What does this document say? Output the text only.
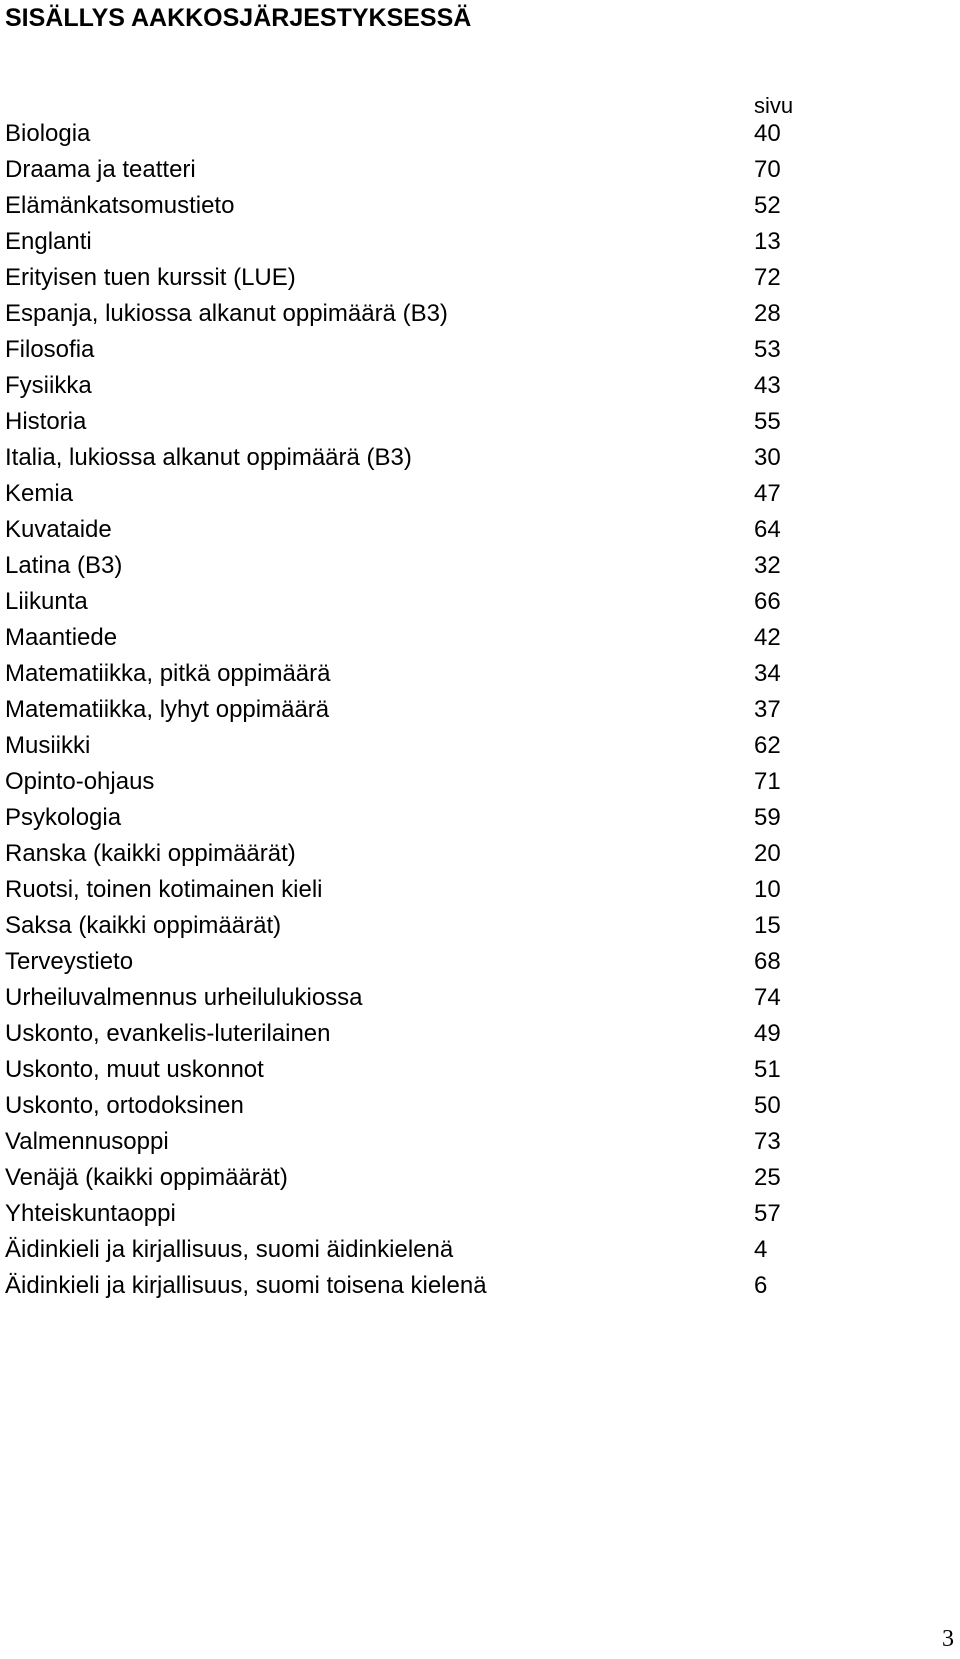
SISÄLLYS AAKKOSJÄRJESTYKSESSÄ
sivu
Biologia	40
Draama ja teatteri	70
Elämänkatsomustieto	52
Englanti	13
Erityisen tuen kurssit (LUE)	72
Espanja, lukiossa alkanut oppimäärä (B3)	28
Filosofia	53
Fysiikka	43
Historia	55
Italia, lukiossa alkanut oppimäärä (B3)	30
Kemia	47
Kuvataide	64
Latina (B3)	32
Liikunta	66
Maantiede	42
Matematiikka, pitkä oppimäärä	34
Matematiikka, lyhyt oppimäärä	37
Musiikki	62
Opinto-ohjaus	71
Psykologia	59
Ranska (kaikki oppimäärät)	20
Ruotsi, toinen kotimainen kieli	10
Saksa (kaikki oppimäärät)	15
Terveystieto	68
Urheiluvalmennus urheilulukiossa	74
Uskonto, evankelis-luterilainen	49
Uskonto, muut uskonnot	51
Uskonto, ortodoksinen	50
Valmennusoppi	73
Venäjä (kaikki oppimäärät)	25
Yhteiskuntaoppi	57
Äidinkieli ja kirjallisuus, suomi äidinkielenä	4
Äidinkieli ja kirjallisuus, suomi toisena kielenä	6
3
